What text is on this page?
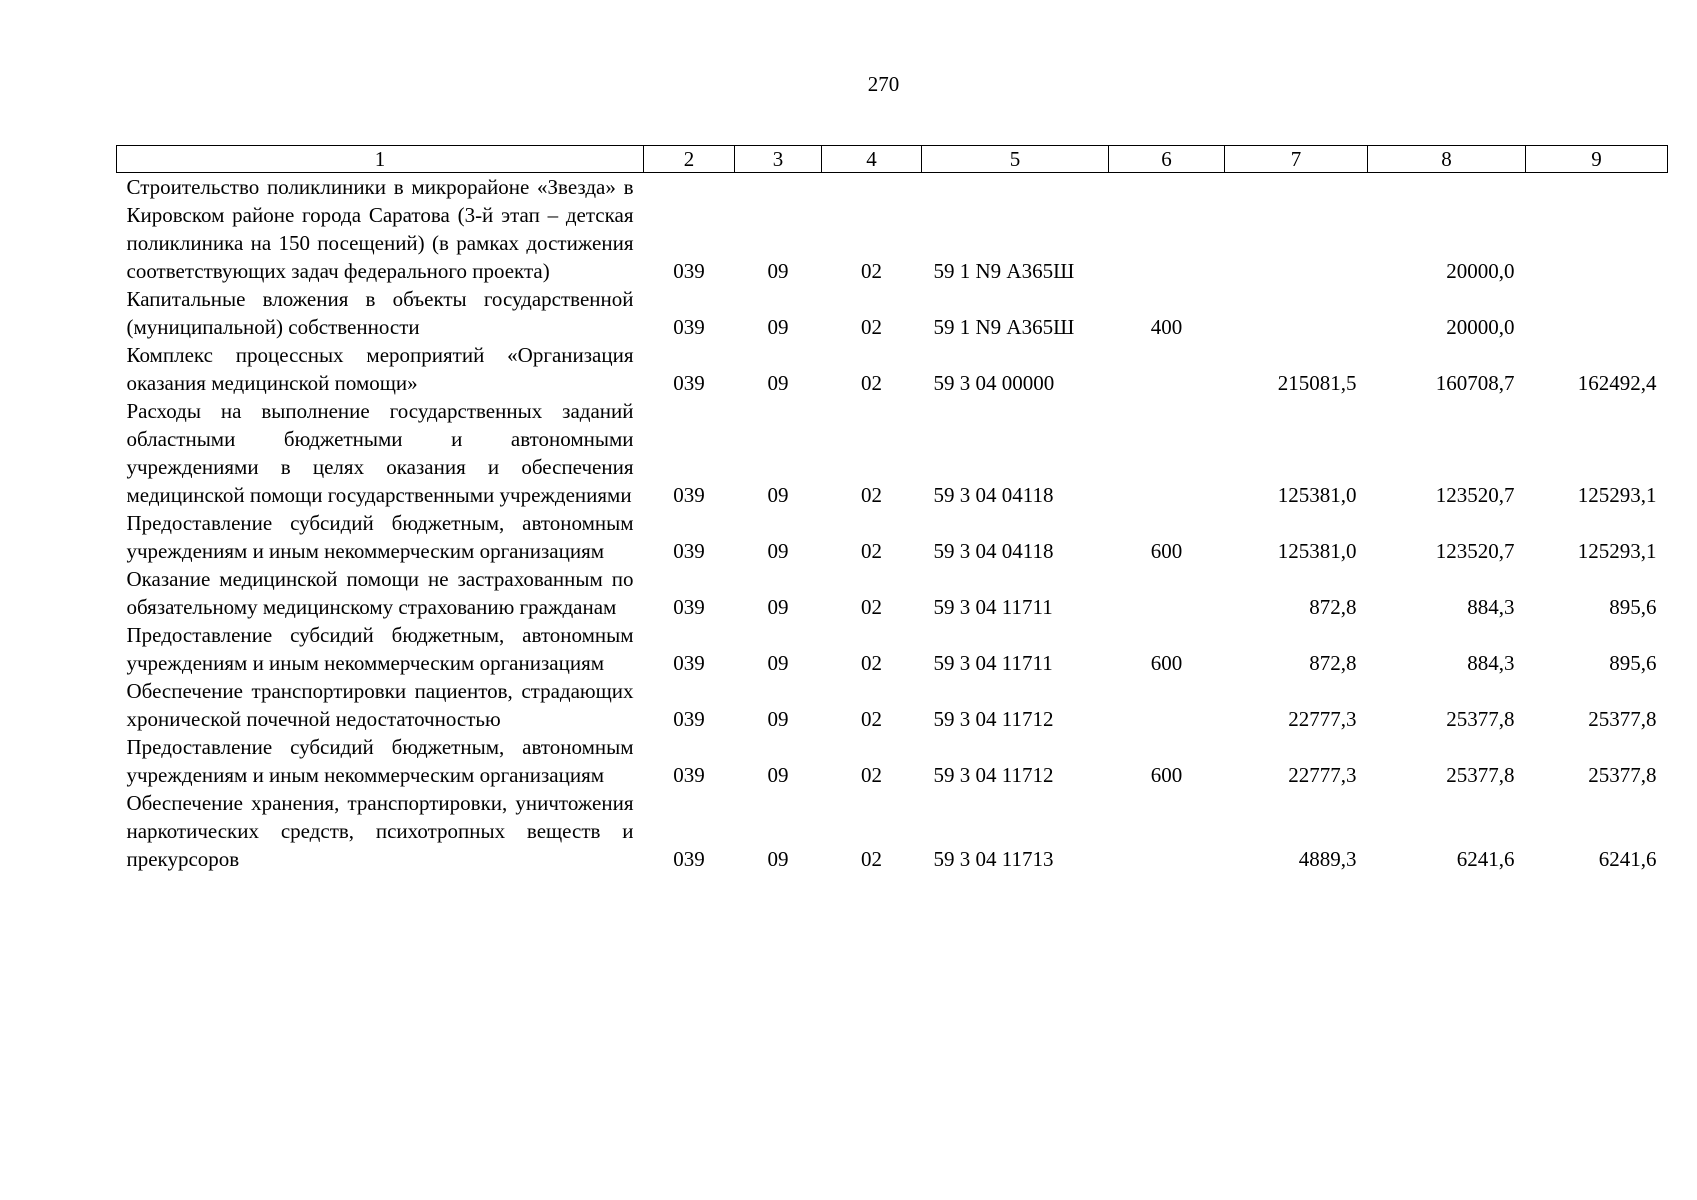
270
1	2	3	4	5	6	7	8	9
Строительство поликлиники в микрорайоне «Звезда» в Кировском районе города Саратова (3-й этап – детская поликлиника на 150 посещений) (в рамках достижения соответствующих задач федерального проекта)	039	09	02	59 1 N9 А365Ш			20000,0	
Капитальные вложения в объекты государственной (муниципальной) собственности	039	09	02	59 1 N9 А365Ш	400		20000,0	
Комплекс процессных мероприятий «Организация оказания медицинской помощи»	039	09	02	59 3 04 00000		215081,5	160708,7	162492,4
Расходы на выполнение государственных заданий областными бюджетными и автономными учреждениями в целях оказания и обеспечения медицинской помощи государственными учреждениями	039	09	02	59 3 04 04118		125381,0	123520,7	125293,1
Предоставление субсидий бюджетным, автономным учреждениям и иным некоммерческим организациям	039	09	02	59 3 04 04118	600	125381,0	123520,7	125293,1
Оказание медицинской помощи не застрахованным по обязательному медицинскому страхованию гражданам	039	09	02	59 3 04 11711		872,8	884,3	895,6
Предоставление субсидий бюджетным, автономным учреждениям и иным некоммерческим организациям	039	09	02	59 3 04 11711	600	872,8	884,3	895,6
Обеспечение транспортировки пациентов, страдающих хронической почечной недостаточностью	039	09	02	59 3 04 11712		22777,3	25377,8	25377,8
Предоставление субсидий бюджетным, автономным учреждениям и иным некоммерческим организациям	039	09	02	59 3 04 11712	600	22777,3	25377,8	25377,8
Обеспечение хранения, транспортировки, уничтожения наркотических средств, психотропных веществ и прекурсоров	039	09	02	59 3 04 11713		4889,3	6241,6	6241,6
